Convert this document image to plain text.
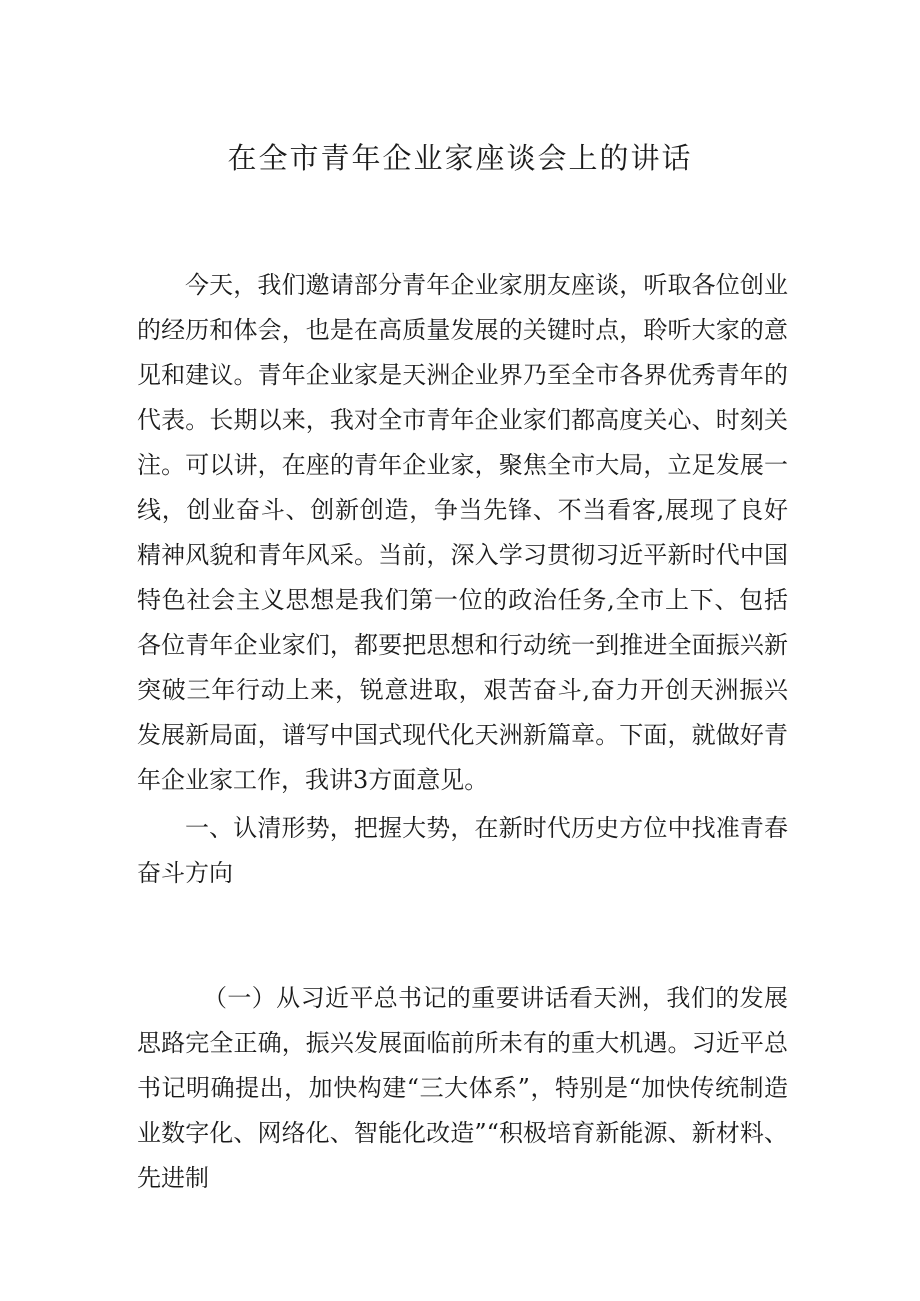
在全市青年企业家座谈会上的讲话

今天，我们邀请部分青年企业家朋友座谈，听取各位创业的经历和体会，也是在高质量发展的关键时点，聆听大家的意见和建议。青年企业家是天洲企业界乃至全市各界优秀青年的代表。长期以来，我对全市青年企业家们都高度关心、时刻关注。可以讲，在座的青年企业家，聚焦全市大局，立足发展一线，创业奋斗、创新创造，争当先锋、不当看客,展现了良好精神风貌和青年风采。当前，深入学习贯彻习近平新时代中国特色社会主义思想是我们第一位的政治任务,全市上下、包括各位青年企业家们，都要把思想和行动统一到推进全面振兴新突破三年行动上来，锐意进取，艰苦奋斗,奋力开创天洲振兴发展新局面，谱写中国式现代化天洲新篇章。下面，就做好青年企业家工作，我讲3方面意见。

一、认清形势，把握大势，在新时代历史方位中找准青春奋斗方向

（一）从习近平总书记的重要讲话看天洲，我们的发展思路完全正确，振兴发展面临前所未有的重大机遇。习近平总书记明确提出，加快构建“三大体系”，特别是“加快传统制造业数字化、网络化、智能化改造”“积极培育新能源、新材料、先进制
